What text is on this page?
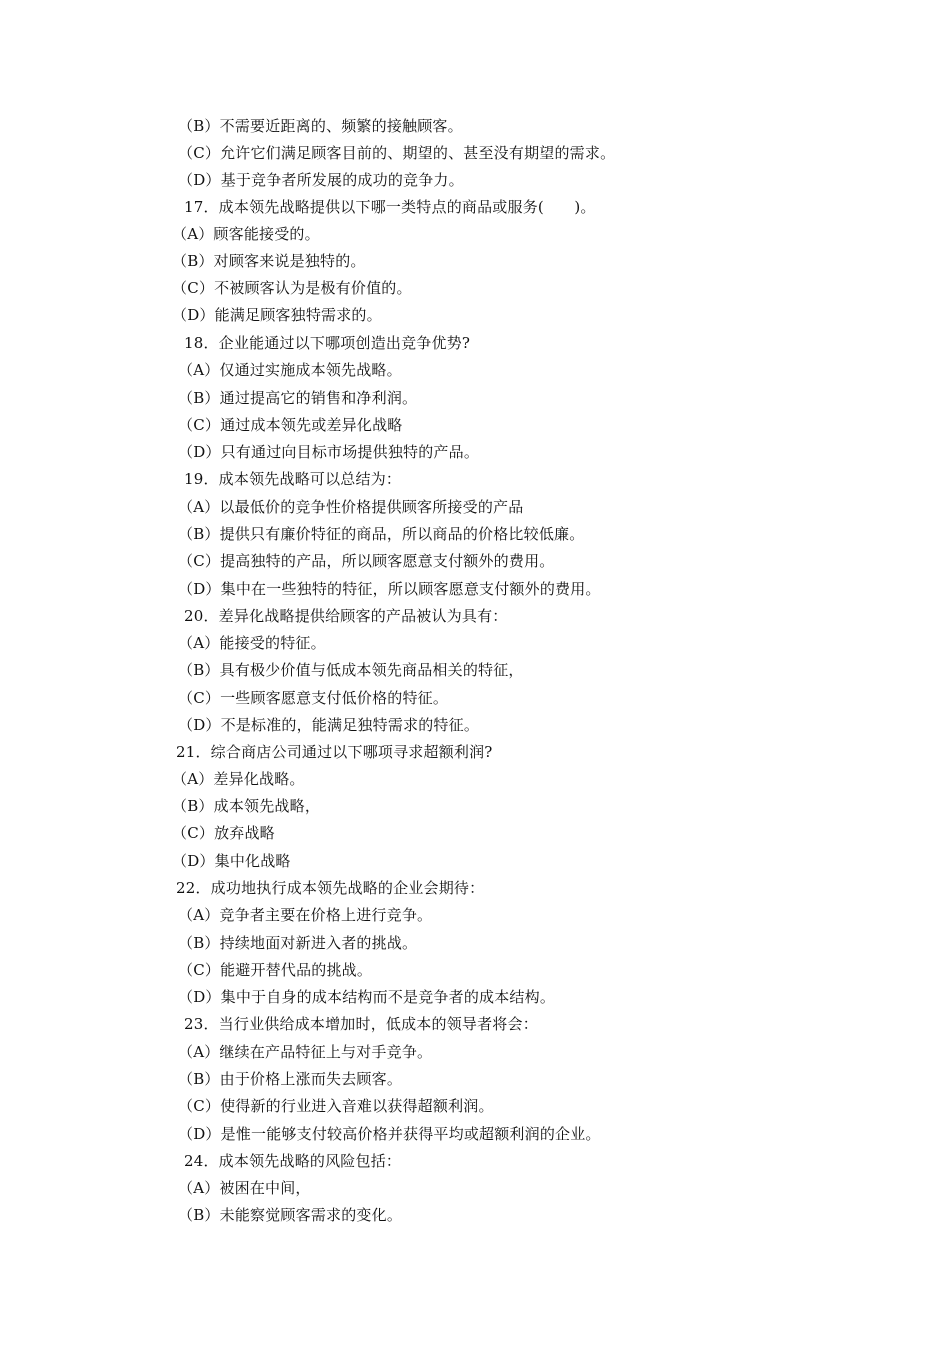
（B）不需要近距离的、频繁的接触顾客。
（C）允许它们满足顾客目前的、期望的、甚至没有期望的需求。
（D）基于竞争者所发展的成功的竞争力。
17．成本领先战略提供以下哪一类特点的商品或服务(　　)。
（A）顾客能接受的。
（B）对顾客来说是独特的。
（C）不被顾客认为是极有价值的。
（D）能满足顾客独特需求的。
18．企业能通过以下哪项创造出竞争优势?
（A）仅通过实施成本领先战略。
（B）通过提高它的销售和净利润。
（C）通过成本领先或差异化战略
（D）只有通过向目标市场提供独特的产品。
19．成本领先战略可以总结为：
（A）以最低价的竞争性价格提供顾客所接受的产品
（B）提供只有廉价特征的商品，所以商品的价格比较低廉。
（C）提高独特的产品，所以顾客愿意支付额外的费用。
（D）集中在一些独特的特征，所以顾客愿意支付额外的费用。
20．差异化战略提供给顾客的产品被认为具有：
（A）能接受的特征。
（B）具有极少价值与低成本领先商品相关的特征，
（C）一些顾客愿意支付低价格的特征。
（D）不是标准的，能满足独特需求的特征。
21．综合商店公司通过以下哪项寻求超额利润?
（A）差异化战略。
（B）成本领先战略，
（C）放弃战略
（D）集中化战略
22．成功地执行成本领先战略的企业会期待：
（A）竞争者主要在价格上进行竞争。
（B）持续地面对新进入者的挑战。
（C）能避开替代品的挑战。
（D）集中于自身的成本结构而不是竞争者的成本结构。
23．当行业供给成本增加时，低成本的领导者将会：
（A）继续在产品特征上与对手竞争。
（B）由于价格上涨而失去顾客。
（C）使得新的行业进入音难以获得超额利润。
（D）是惟一能够支付较高价格并获得平均或超额利润的企业。
24．成本领先战略的风险包括：
（A）被困在中间，
（B）未能察觉顾客需求的变化。
